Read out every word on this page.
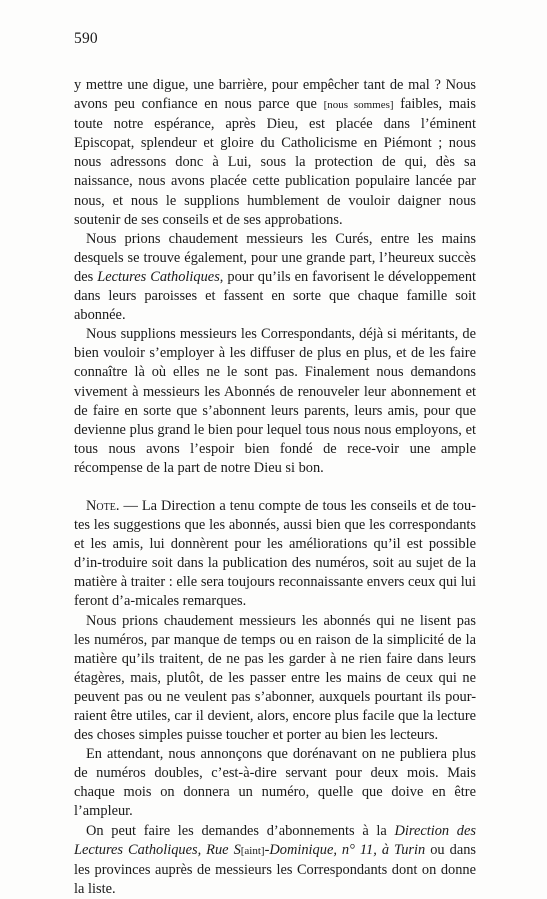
590

y mettre une digue, une barrière, pour empêcher tant de mal ? Nous avons peu confiance en nous parce que [nous sommes] faibles, mais toute notre espérance, après Dieu, est placée dans l’éminent Episcopat, splendeur et gloire du Catholicisme en Piémont ; nous nous adressons donc à Lui, sous la protection de qui, dès sa naissance, nous avons placée cette publication populaire lancée par nous, et nous le supplions humblement de vouloir daigner nous soutenir de ses conseils et de ses approbations.

Nous prions chaudement messieurs les Curés, entre les mains desquels se trouve également, pour une grande part, l’heureux succès des Lectures Catholiques, pour qu’ils en favorisent le développement dans leurs paroisses et fassent en sorte que chaque famille soit abonnée.

Nous supplions messieurs les Correspondants, déjà si méritants, de bien vouloir s’employer à les diffuser de plus en plus, et de les faire connaître là où elles ne le sont pas. Finalement nous demandons vivement à messieurs les Abonnés de renouveler leur abonnement et de faire en sorte que s’abonnent leurs parents, leurs amis, pour que devienne plus grand le bien pour lequel tous nous nous employons, et tous nous avons l’espoir bien fondé de rece-voir une ample récompense de la part de notre Dieu si bon.

Note. — La Direction a tenu compte de tous les conseils et de tou-tes les suggestions que les abonnés, aussi bien que les correspondants et les amis, lui donnèrent pour les améliorations qu’il est possible d’in-troduire soit dans la publication des numéros, soit au sujet de la matière à traiter : elle sera toujours reconnaissante envers ceux qui lui feront d’a-micales remarques.

Nous prions chaudement messieurs les abonnés qui ne lisent pas les numéros, par manque de temps ou en raison de la simplicité de la matière qu’ils traitent, de ne pas les garder à ne rien faire dans leurs étagères, mais, plutôt, de les passer entre les mains de ceux qui ne peuvent pas ou ne veulent pas s’abonner, auxquels pourtant ils pour-raient être utiles, car il devient, alors, encore plus facile que la lecture des choses simples puisse toucher et porter au bien les lecteurs.

En attendant, nous annonçons que dorénavant on ne publiera plus de numéros doubles, c’est-à-dire servant pour deux mois. Mais chaque mois on donnera un numéro, quelle que doive en être l’ampleur.

On peut faire les demandes d’abonnements à la Direction des Lectures Catholiques, Rue S[aint]-Dominique, n° 11, à Turin ou dans les provinces auprès de messieurs les Correspondants dont on donne la liste.
